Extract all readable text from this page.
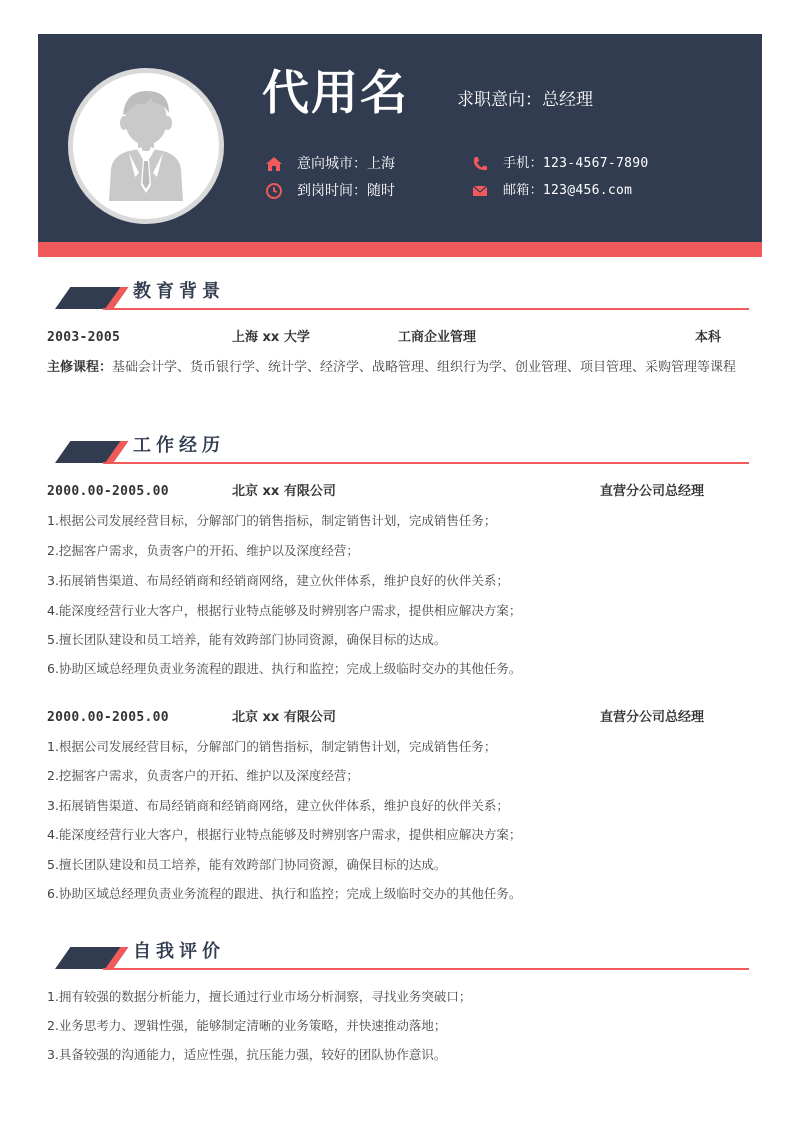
代用名	求职意向：总经理
意向城市：上海
到岗时间：随时
手机：123-4567-7890
邮箱：123@456.com
教育背景
2003-2005	上海 xx 大学	工商企业管理	本科
主修课程：基础会计学、货币银行学、统计学、经济学、战略管理、组织行为学、创业管理、项目管理、采购管理等课程
工作经历
2000.00-2005.00	北京 xx 有限公司	直营分公司总经理
1.根据公司发展经营目标，分解部门的销售指标，制定销售计划，完成销售任务；
2.挖掘客户需求，负责客户的开拓、维护以及深度经营；
3.拓展销售渠道、布局经销商和经销商网络，建立伙伴体系，维护良好的伙伴关系；
4.能深度经营行业大客户，根据行业特点能够及时辨别客户需求，提供相应解决方案；
5.擅长团队建设和员工培养，能有效跨部门协同资源，确保目标的达成。
6.协助区域总经理负责业务流程的跟进、执行和监控；完成上级临时交办的其他任务。
2000.00-2005.00	北京 xx 有限公司	直营分公司总经理
1.根据公司发展经营目标，分解部门的销售指标，制定销售计划，完成销售任务；
2.挖掘客户需求，负责客户的开拓、维护以及深度经营；
3.拓展销售渠道、布局经销商和经销商网络，建立伙伴体系，维护良好的伙伴关系；
4.能深度经营行业大客户，根据行业特点能够及时辨别客户需求，提供相应解决方案；
5.擅长团队建设和员工培养，能有效跨部门协同资源，确保目标的达成。
6.协助区域总经理负责业务流程的跟进、执行和监控；完成上级临时交办的其他任务。
自我评价
1.拥有较强的数据分析能力，擅长通过行业市场分析洞察，寻找业务突破口；
2.业务思考力、逻辑性强，能够制定清晰的业务策略，并快速推动落地；
3.具备较强的沟通能力，适应性强，抗压能力强，较好的团队协作意识。
